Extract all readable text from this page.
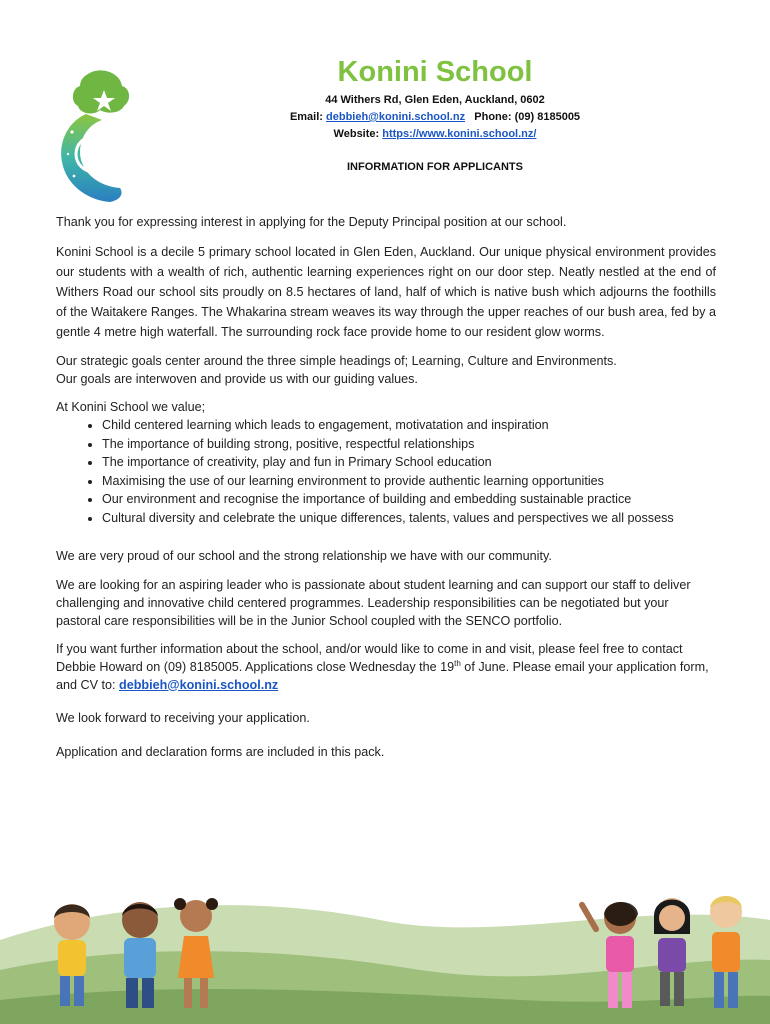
Konini School
44 Withers Rd, Glen Eden, Auckland, 0602
Email: debbieh@konini.school.nz Phone: (09) 8185005
Website: https://www.konini.school.nz/
INFORMATION FOR APPLICANTS

Thank you for expressing interest in applying for the Deputy Principal position at our school.

Konini School is a decile 5 primary school located in Glen Eden, Auckland. Our unique physical environment provides our students with a wealth of rich, authentic learning experiences right on our door step. Neatly nestled at the end of Withers Road our school sits proudly on 8.5 hectares of land, half of which is native bush which adjourns the foothills of the Waitakere Ranges. The Whakarina stream weaves its way through the upper reaches of our bush area, fed by a gentle 4 metre high waterfall. The surrounding rock face provide home to our resident glow worms.

Our strategic goals center around the three simple headings of; Learning, Culture and Environments.
Our goals are interwoven and provide us with our guiding values.

At Konini School we value;
• Child centered learning which leads to engagement, motivatation and inspiration
• The importance of building strong, positive, respectful relationships
• The importance of creativity, play and fun in Primary School education
• Maximising the use of our learning environment to provide authentic learning opportunities
• Our environment and recognise the importance of building and embedding sustainable practice
• Cultural diversity and celebrate the unique differences, talents, values and perspectives we all possess

We are very proud of our school and the strong relationship we have with our community.

We are looking for an aspiring leader who is passionate about student learning and can support our staff to deliver challenging and innovative child centered programmes. Leadership responsibilities can be negotiated but your pastoral care responsibilities will be in the Junior School coupled with the SENCO portfolio.

If you want further information about the school, and/or would like to come in and visit, please feel free to contact Debbie Howard on (09) 8185005. Applications close Wednesday the 19th of June. Please email your application form, and CV to: debbieh@konini.school.nz

We look forward to receiving your application.

Application and declaration forms are included in this pack.
